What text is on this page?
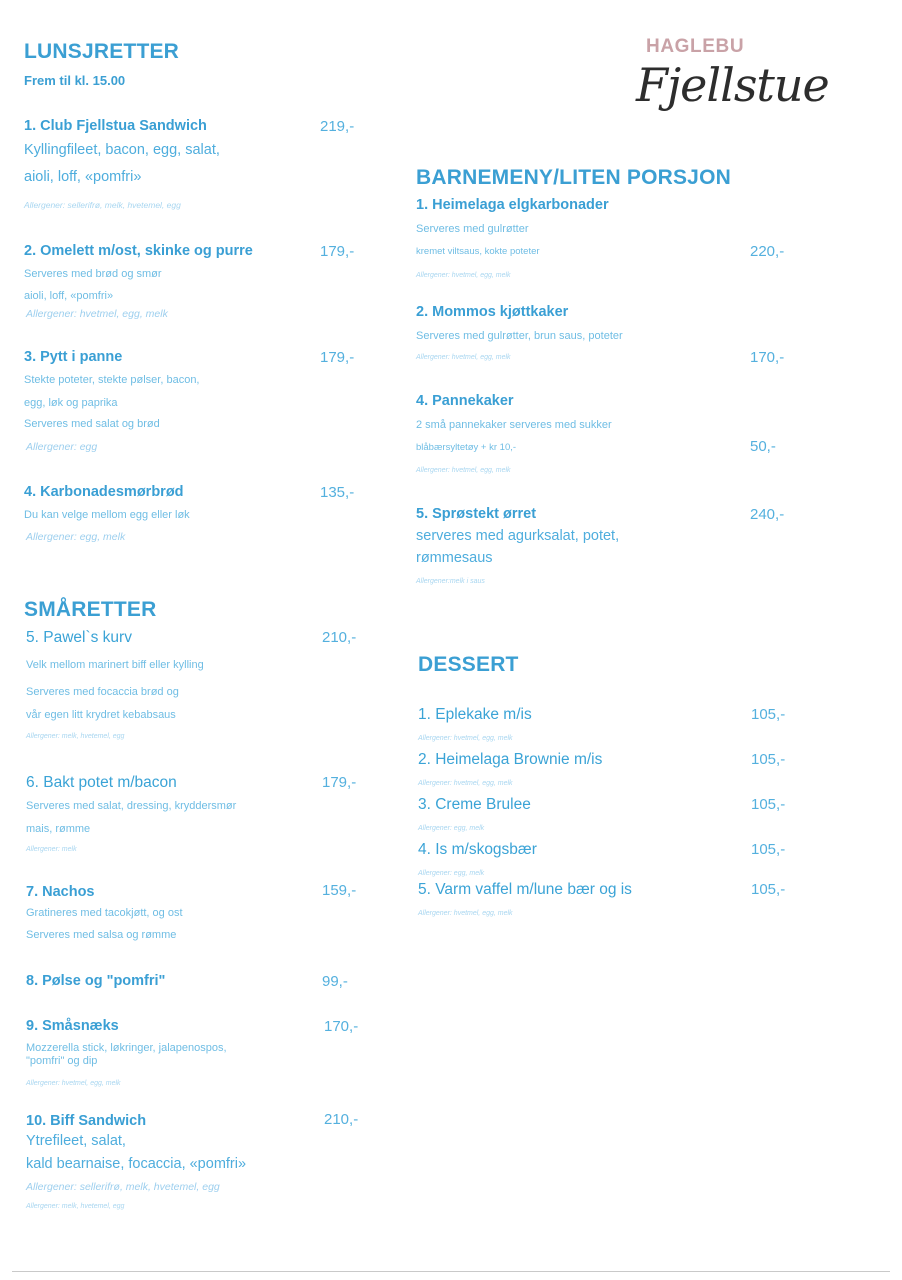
HAGLEBU
Fjellstue
LUNSJRETTER
Frem til kl. 15.00
1. Club Fjellstua Sandwich	219,-
Kyllingfileet, bacon, egg, salat,
aioli, loff, «pomfri»
Allergener: sellerifrø, melk, hvetemel, egg
2. Omelett m/ost, skinke og purre	179,-
Serveres med brød og smør
aioli, loff, «pomfri»
Allergener: hvetmel, egg, melk
3. Pytt i panne	179,-
Stekte poteter, stekte pølser, bacon,
egg, løk og paprika
Serveres med salat og brød
Allergener: egg
4. Karbonadesmørbrød	135,-
Du kan velge mellom egg eller løk
Allergener: egg, melk
SMÅRETTER
5. Pawel`s kurv	210,-
Velk mellom marinert biff eller kylling
Serveres med focaccia brød og
vår egen litt krydret kebabsaus
Allergener: melk, hvetemel, egg
6. Bakt potet m/bacon	179,-
Serveres med salat, dressing, kryddersmør
mais, rømme
Allergener: melk
7. Nachos	159,-
Gratineres med tacokjøtt, og ost
Serveres med salsa og rømme
8. Pølse og "pomfri"	99,-
9. Småsnæks	170,-
Mozzerella stick, løkringer, jalapenospos,
"pomfri" og dip
Allergener: hvetmel, egg, melk
10. Biff Sandwich	210,-
Ytrefileet, salat,
kald bearnaise, focaccia, «pomfri»
Allergener: sellerifrø, melk, hvetemel, egg
Allergener: melk, hvetemel, egg
BARNEMENY/LITEN PORSJON
1. Heimelaga elgkarbonader
Serveres med gulrøtter
kremet viltsaus, kokte poteter	220,-
Allergener: hvetmel, egg, melk
2. Mommos kjøttkaker
Serveres med gulrøtter, brun saus, poteter
Allergener: hvetmel, egg, melk	170,-
4. Pannekaker
2 små pannekaker serveres med sukker
blåbærsyltetøy + kr 10,-	50,-
Allergener: hvetmel, egg, melk
5. Sprøstekt ørret	240,-
serveres med agurksalat, potet,
rømmesaus
Allergener:melk i saus
DESSERT
1. Eplekake m/is	105,-
Allergener: hvetmel, egg, melk
2. Heimelaga Brownie m/is	105,-
Allergener: hvetmel, egg, melk
3. Creme Brulee	105,-
Allergener: egg, melk
4. Is m/skogsbær	105,-
Allergener: egg, melk
5. Varm vaffel m/lune bær og is	105,-
Allergener: hvetmel, egg, melk
